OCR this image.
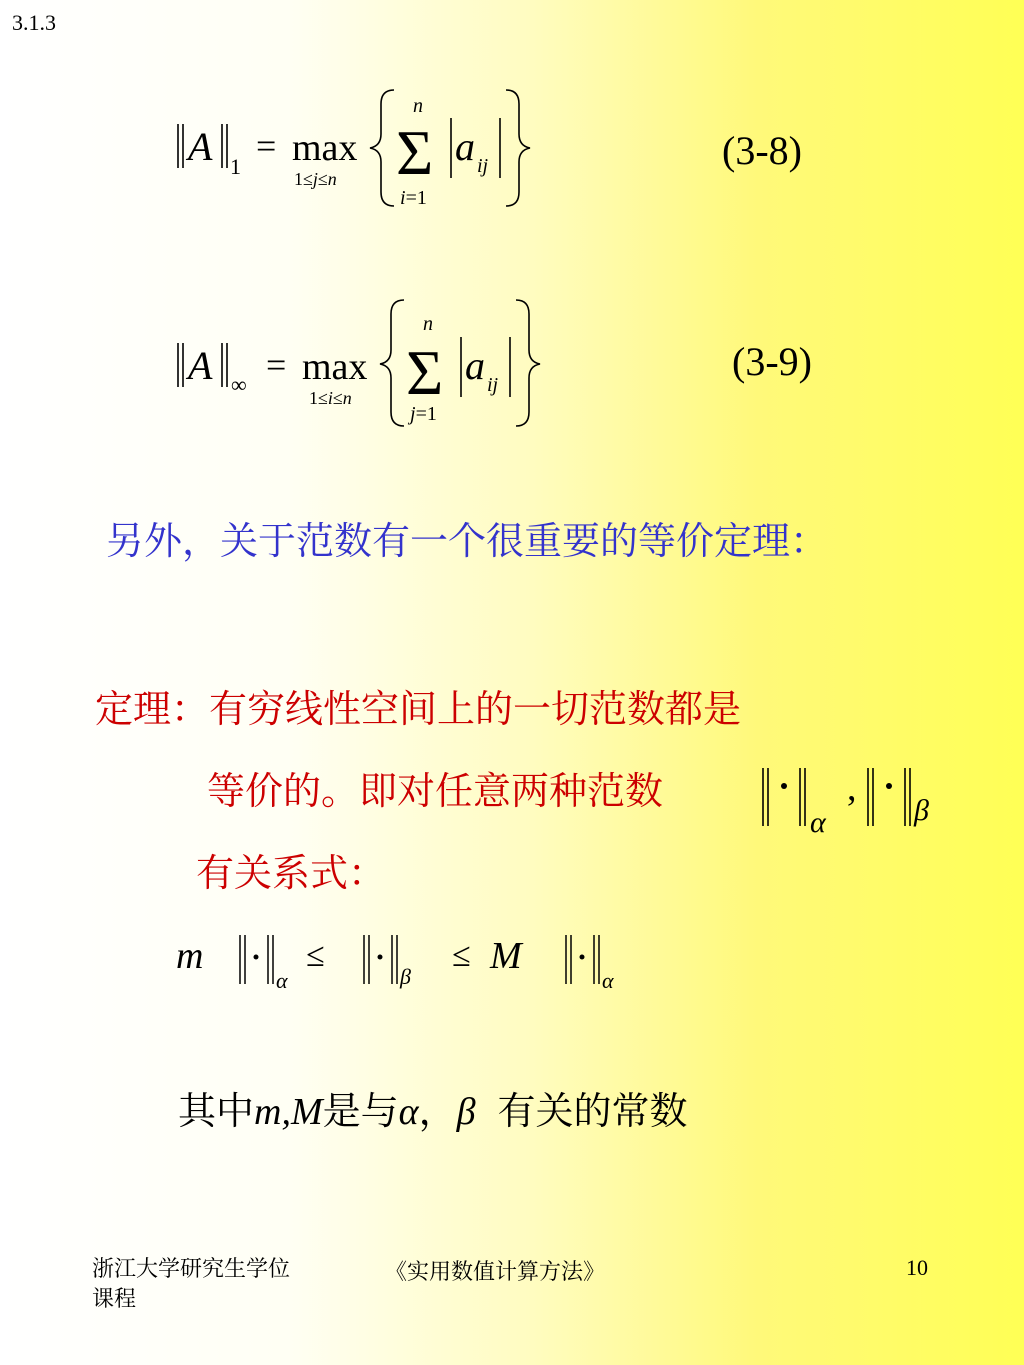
3.1.3
A 1
= max
1≤j≤n
n
Σ
i=1
a ij	(3-8)
A ∞ = max
1≤i≤n
n
Σ
j=1
a ij
(3-9)
另外，关于范数有一个很重要的等价定理：
定理：有穷线性空间上的一切范数都是
等价的。即对任意两种范数
有关系式：
α
,
β
m
α
≤
β
≤ M
α
其中m,M是与α，β 有关的常数
浙江大学研究生学位课程
《实用数值计算方法》	10
